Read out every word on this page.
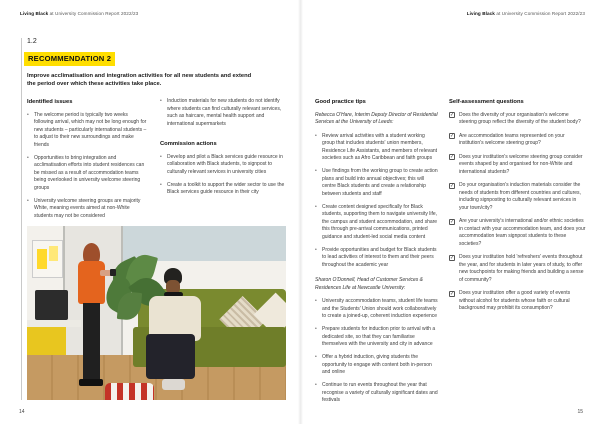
Living Black at University Commission Report 2022/23	Living Black at University Commission Report 2022/23
1.2
RECOMMENDATION 2
Improve acclimatisation and integration activities for all new students and extend the period over which these activities take place.
Identified issues
•
The welcome period is typically two weeks following arrival, which may not be long enough for new students – particularly international students – to adjust to their new surroundings and make friends
•
Opportunities to bring integration and acclimatisation efforts into student residences can be missed as a result of accommodation teams being overlooked in university welcome steering groups
•
University welcome steering groups are majority White, meaning events aimed at non-White students may not be considered
•
Induction materials for new students do not identify where students can find culturally relevant services, such as haircare, mental health support and international supermarkets
Commission actions
•
Develop and pilot a Black services guide resource in collaboration with Black students, to signpost to culturally relevant services in university cities
•
Create a toolkit to support the wider sector to use the Black services guide resource in their city
Good practice tips
Rebecca O'Hare, Interim Deputy Director of Residential Services at the University of Leeds:
•
Review arrival activities with a student working group that includes students' union members, Residence Life Assistants, and members of relevant societies such as Afro Caribbean and faith groups
•
Use findings from the working group to create action plans and build into annual objectives; this will centre Black students and create a relationship between students and staff
•
Create content designed specifically for Black students, supporting them to navigate university life, the campus and student accommodation, and share this through pre-arrival communications, printed guidance and student-led social media content
•
Provide opportunities and budget for Black students to lead activities of interest to them and their peers throughout the academic year
Sharon O'Donnell, Head of Customer Services & Residences Life at Newcastle University:
•
University accommodation teams, student life teams and the Students' Union should work collaboratively to create a joined-up, coherent induction experience
•
Prepare students for induction prior to arrival with a dedicated site, so that they can familiarise themselves with the university and city in advance
•
Offer a hybrid induction, giving students the opportunity to engage with content both in-person and online
•
Continue to run events throughout the year that recognise a variety of culturally significant dates and festivals
Self-assessment questions
✓
Does the diversity of your organisation's welcome steering group reflect the diversity of the student body?
✓
Are accommodation teams represented on your institution's welcome steering group?
✓
Does your institution's welcome steering group consider events shaped by and organised for non-White and international students?
✓
Do your organisation's induction materials consider the needs of students from different countries and cultures, including signposting to culturally relevant services in your town/city?
✓
Are your university's international and/or ethnic societies in contact with your accommodation team, and does your accommodation team signpost students to these societies?
✓
Does your institution hold 'refreshers' events throughout the year, and for students in later years of study, to offer new touchpoints for making friends and building a sense of community?
✓
Does your institution offer a good variety of events without alcohol for students whose faith or cultural background may prohibit its consumption?
14	15
